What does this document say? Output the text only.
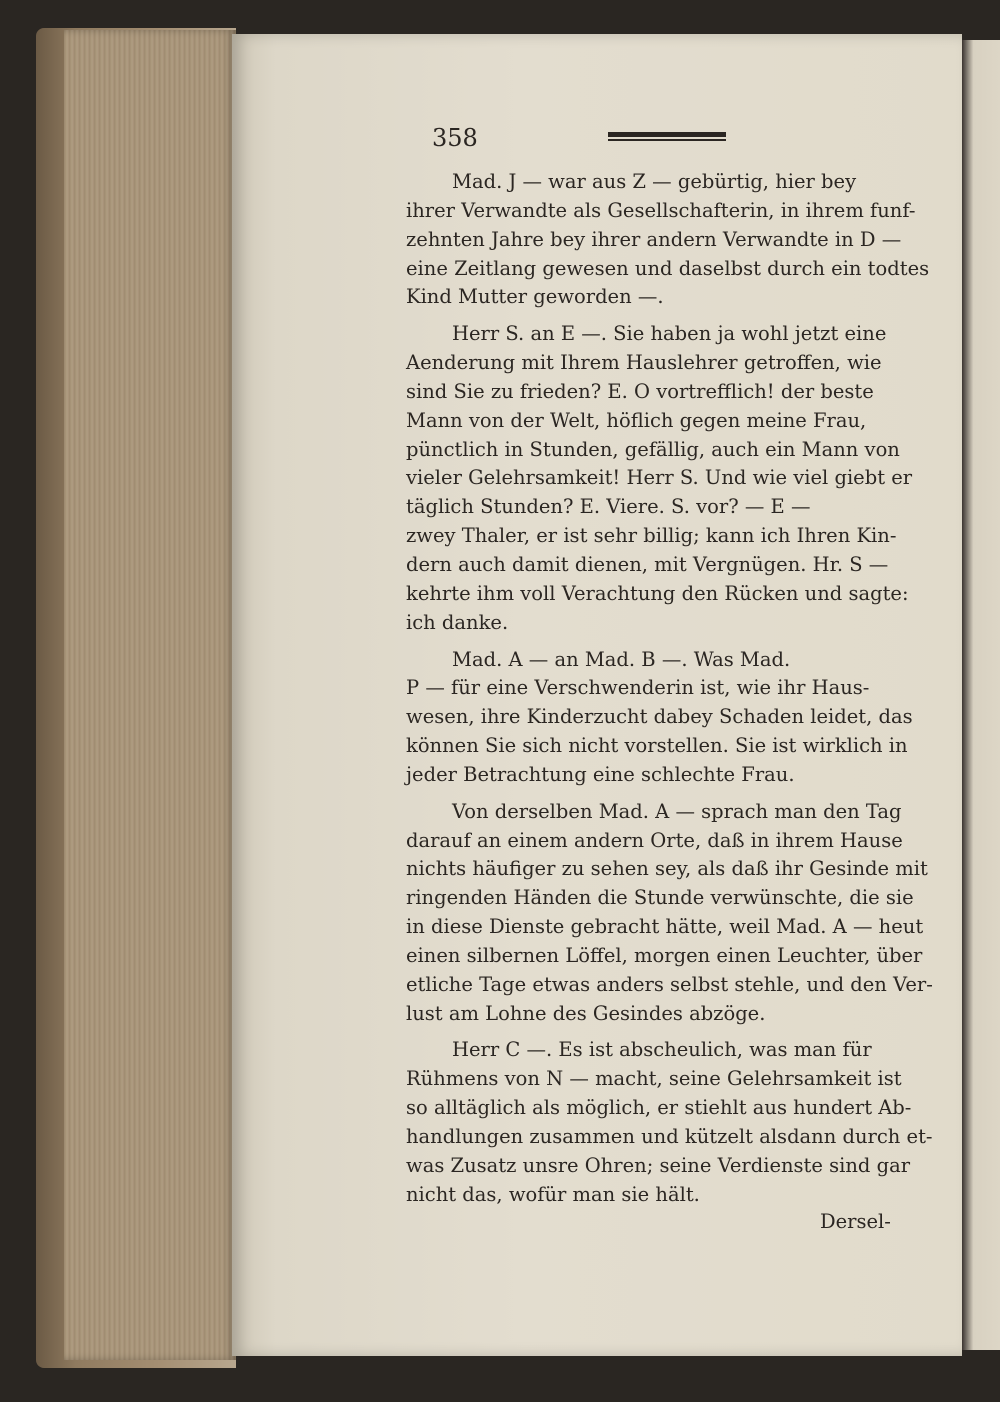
358
Mad. J — war aus Z — gebürtig, hier bey
ihrer Verwandte als Gesellschafterin, in ihrem funf-
zehnten Jahre bey ihrer andern Verwandte in D —
eine Zeitlang gewesen und daselbst durch ein todtes
Kind Mutter geworden —.
Herr S. an E —. Sie haben ja wohl jetzt eine
Aenderung mit Ihrem Hauslehrer getroffen, wie
sind Sie zu frieden? E. O vortrefflich! der beste
Mann von der Welt, höflich gegen meine Frau,
pünctlich in Stunden, gefällig, auch ein Mann von
vieler Gelehrsamkeit! Herr S. Und wie viel giebt er
täglich Stunden? E. Viere. S. vor? — E —
zwey Thaler, er ist sehr billig; kann ich Ihren Kin-
dern auch damit dienen, mit Vergnügen. Hr. S —
kehrte ihm voll Verachtung den Rücken und sagte:
ich danke.
Mad. A — an Mad. B —. Was Mad.
P — für eine Verschwenderin ist, wie ihr Haus-
wesen, ihre Kinderzucht dabey Schaden leidet, das
können Sie sich nicht vorstellen. Sie ist wirklich in
jeder Betrachtung eine schlechte Frau.
Von derselben Mad. A — sprach man den Tag
darauf an einem andern Orte, daß in ihrem Hause
nichts häufiger zu sehen sey, als daß ihr Gesinde mit
ringenden Händen die Stunde verwünschte, die sie
in diese Dienste gebracht hätte, weil Mad. A — heut
einen silbernen Löffel, morgen einen Leuchter, über
etliche Tage etwas anders selbst stehle, und den Ver-
lust am Lohne des Gesindes abzöge.
Herr C —. Es ist abscheulich, was man für
Rühmens von N — macht, seine Gelehrsamkeit ist
so alltäglich als möglich, er stiehlt aus hundert Ab-
handlungen zusammen und kützelt alsdann durch et-
was Zusatz unsre Ohren; seine Verdienste sind gar
nicht das, wofür man sie hält.
Dersel-
